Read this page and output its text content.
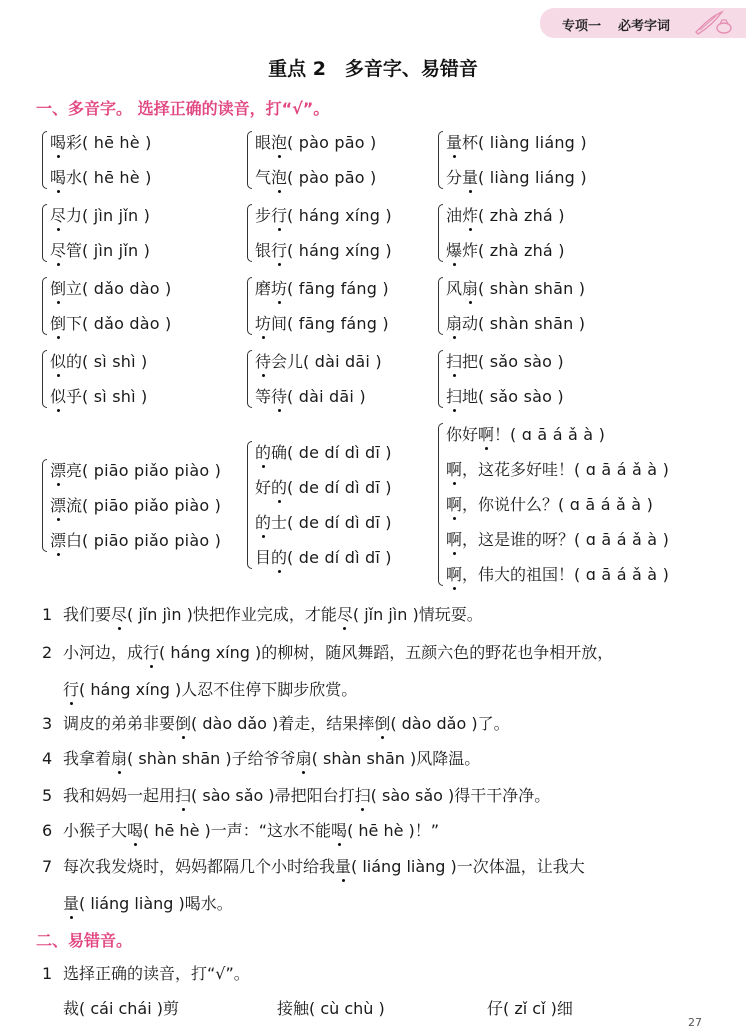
专项一 必考字词
重点 2　多音字、易错音
一、多音字。 选择正确的读音，打“√”。
喝彩( hē hè )
喝水( hē hè )
眼泡( pào pāo )
气泡( pào pāo )
量杯( liàng liáng )
分量( liàng liáng )
尽力( jìn jǐn )
尽管( jìn jǐn )
步行( háng xíng )
银行( háng xíng )
油炸( zhà zhá )
爆炸( zhà zhá )
倒立( dǎo dào )
倒下( dǎo dào )
磨坊( fāng fáng )
坊间( fāng fáng )
风扇( shàn shān )
扇动( shàn shān )
似的( sì shì )
似乎( sì shì )
待会儿( dài dāi )
等待( dài dāi )
扫把( sǎo sào )
扫地( sǎo sào )
漂亮( piāo piǎo piào )
漂流( piāo piǎo piào )
漂白( piāo piǎo piào )
的确( de dí dì dī )
好的( de dí dì dī )
的士( de dí dì dī )
目的( de dí dì dī )
你好啊！( ɑ ā á ǎ à )
啊，这花多好哇！( ɑ ā á ǎ à )
啊，你说什么？( ɑ ā á ǎ à )
啊，这是谁的呀？( ɑ ā á ǎ à )
啊，伟大的祖国！( ɑ ā á ǎ à )
1 我们要尽( jǐn jìn )快把作业完成，才能尽( jǐn jìn )情玩耍。
2 小河边，成行( háng xíng )的柳树，随风舞蹈，五颜六色的野花也争相开放，
行( háng xíng )人忍不住停下脚步欣赏。
3 调皮的弟弟非要倒( dào dǎo )着走，结果摔倒( dào dǎo )了。
4 我拿着扇( shàn shān )子给爷爷扇( shàn shān )风降温。
5 我和妈妈一起用扫( sào sǎo )帚把阳台打扫( sào sǎo )得干干净净。
6 小猴子大喝( hē hè )一声：“这水不能喝( hē hè )！”
7 每次我发烧时，妈妈都隔几个小时给我量( liáng liàng )一次体温，让我大
量( liáng liàng )喝水。
二、易错音。
1 选择正确的读音，打“√”。
裁( cái chái )剪	接触( cù chù )	仔( zǐ cǐ )细
27
